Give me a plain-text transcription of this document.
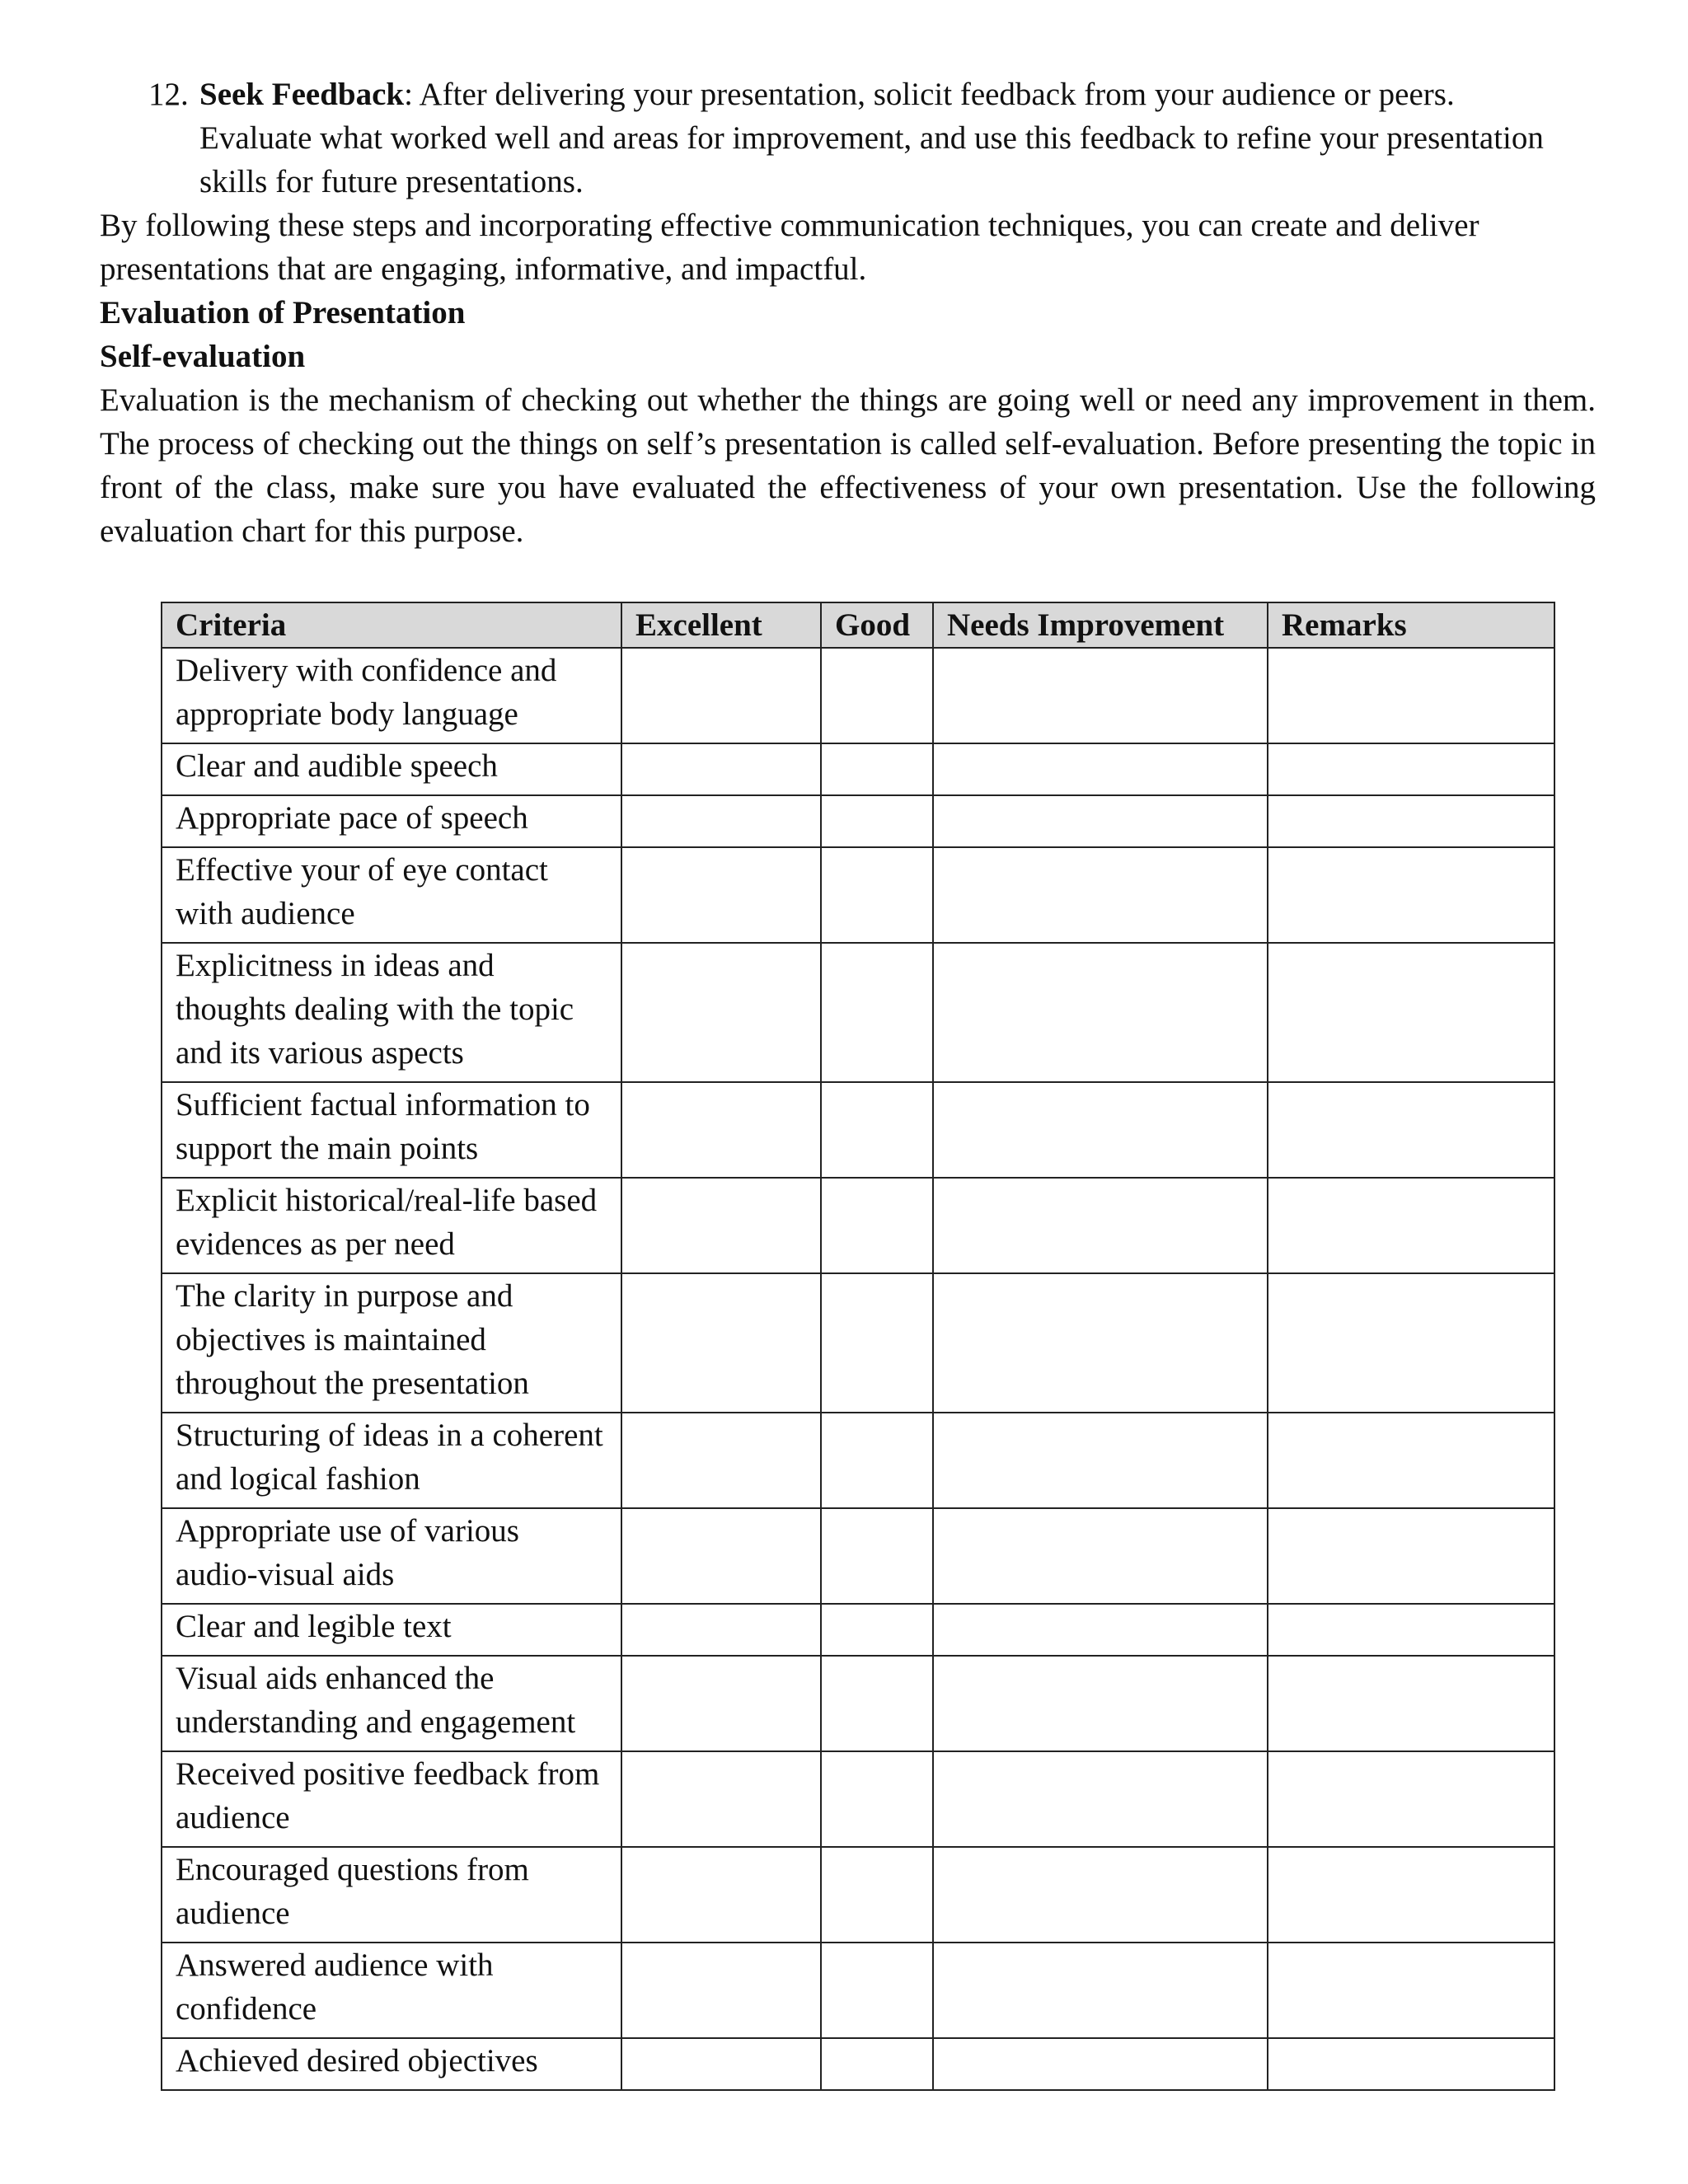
12. Seek Feedback: After delivering your presentation, solicit feedback from your audience or peers.
Evaluate what worked well and areas for improvement, and use this feedback to refine your presentation
skills for future presentations.
By following these steps and incorporating effective communication techniques, you can create and deliver presentations that are engaging, informative, and impactful.
Evaluation of Presentation
Self-evaluation
Evaluation is the mechanism of checking out whether the things are going well or need any improvement in them. The process of checking out the things on self’s presentation is called self-evaluation. Before presenting the topic in front of the class, make sure you have evaluated the effectiveness of your own presentation. Use the following evaluation chart for this purpose.
Criteria	Excellent	Good	Needs Improvement	Remarks
Delivery with confidence and appropriate body language				
Clear and audible speech				
Appropriate pace of speech				
Effective your of eye contact with audience				
Explicitness in ideas and thoughts dealing with the topic and its various aspects				
Sufficient factual information to support the main points				
Explicit historical/real-life based evidences as per need				
The clarity in purpose and objectives is maintained throughout the presentation				
Structuring of ideas in a coherent and logical fashion				
Appropriate use of various audio-visual aids				
Clear and legible text				
Visual aids enhanced the understanding and engagement				
Received positive feedback from audience				
Encouraged questions from audience				
Answered audience with confidence				
Achieved desired objectives				
